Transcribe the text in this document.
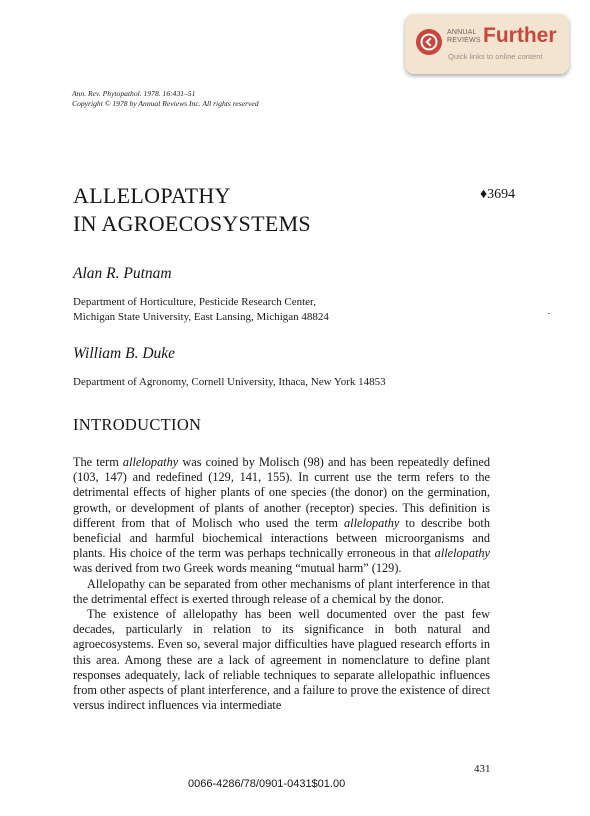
ANNUAL
REVIEWS Further
Quick links to online content
Ann. Rev. Phytopathol. 1978. 16:431–51
Copyright © 1978 by Annual Reviews Inc. All rights reserved
ALLELOPATHY
IN AGROECOSYSTEMS
♦3694
Alan R. Putnam
Department of Horticulture, Pesticide Research Center,
Michigan State University, East Lansing, Michigan 48824
William B. Duke
Department of Agronomy, Cornell University, Ithaca, New York 14853
INTRODUCTION

The term allelopathy was coined by Molisch (98) and has been repeatedly defined (103, 147) and redefined (129, 141, 155). In current use the term refers to the detrimental effects of higher plants of one species (the donor) on the germination, growth, or development of plants of another (receptor) species. This definition is different from that of Molisch who used the term allelopathy to describe both beneficial and harmful biochemical interactions between microorganisms and plants. His choice of the term was perhaps technically erroneous in that allelopathy was derived from two Greek words meaning “mutual harm” (129).

Allelopathy can be separated from other mechanisms of plant interference in that the detrimental effect is exerted through release of a chemical by the donor.

The existence of allelopathy has been well documented over the past few decades, particularly in relation to its significance in both natural and agroecosystems. Even so, several major difficulties have plagued research efforts in this area. Among these are a lack of agreement in nomenclature to define plant responses adequately, lack of reliable techniques to separate allelopathic influences from other aspects of plant interference, and a failure to prove the existence of direct versus indirect influences via intermediate

431
0066-4286/78/0901-0431$01.00
